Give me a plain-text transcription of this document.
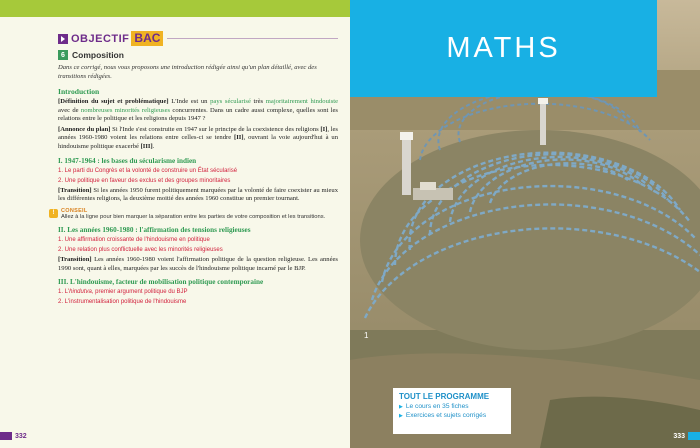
OBJECTIF BAC
6 Composition

Dans ce corrigé, nous vous proposons une introduction rédigée ainsi qu'un plan détaillé, avec des transitions rédigées.

Introduction

[Définition du sujet et problématique] L'Inde est un pays sécularisé très majoritairement hindouiste avec de nombreuses minorités religieuses concurrentes. Dans un cadre aussi complexe, quelles sont les relations entre le politique et les religions depuis 1947 ?

[Annonce du plan] Si l'Inde s'est construite en 1947 sur le principe de la coexistence des religions [I], les années 1960-1980 voient les relations entre celles-ci se tendre [II], ouvrant la voie aujourd'hui à un hindouisme politique exacerbé [III].

I. 1947-1964 : les bases du sécularisme indien
1. Le parti du Congrès et la volonté de construire un État sécularisé
2. Une politique en faveur des exclus et des groupes minoritaires

[Transition] Si les années 1950 furent politiquement marquées par la volonté de faire coexister au mieux les différentes religions, la deuxième moitié des années 1960 constitue un premier tournant.

!	CONSEIL
Allez à la ligne pour bien marquer la séparation entre les parties de votre composition et les transitions.
II. Les années 1960-1980 : l'affirmation des tensions religieuses
1. Une affirmation croissante de l'hindouisme en politique
2. Une relation plus conflictuelle avec les minorités religieuses

[Transition] Les années 1960-1980 voient l'affirmation politique de la question religieuse. Les années 1990 sont, quant à elles, marquées par les succès de l'hindouisme politique incarné par le BJP.

III. L'hindouisme, facteur de mobilisation politique contemporaine
1. L'hindutva, premier argument politique du BJP
2. L'instrumentalisation politique de l'hindouisme
332
1
MATHS
TOUT LE PROGRAMME
▶ Le cours en 35 fiches
▶ Exercices et sujets corrigés
333
